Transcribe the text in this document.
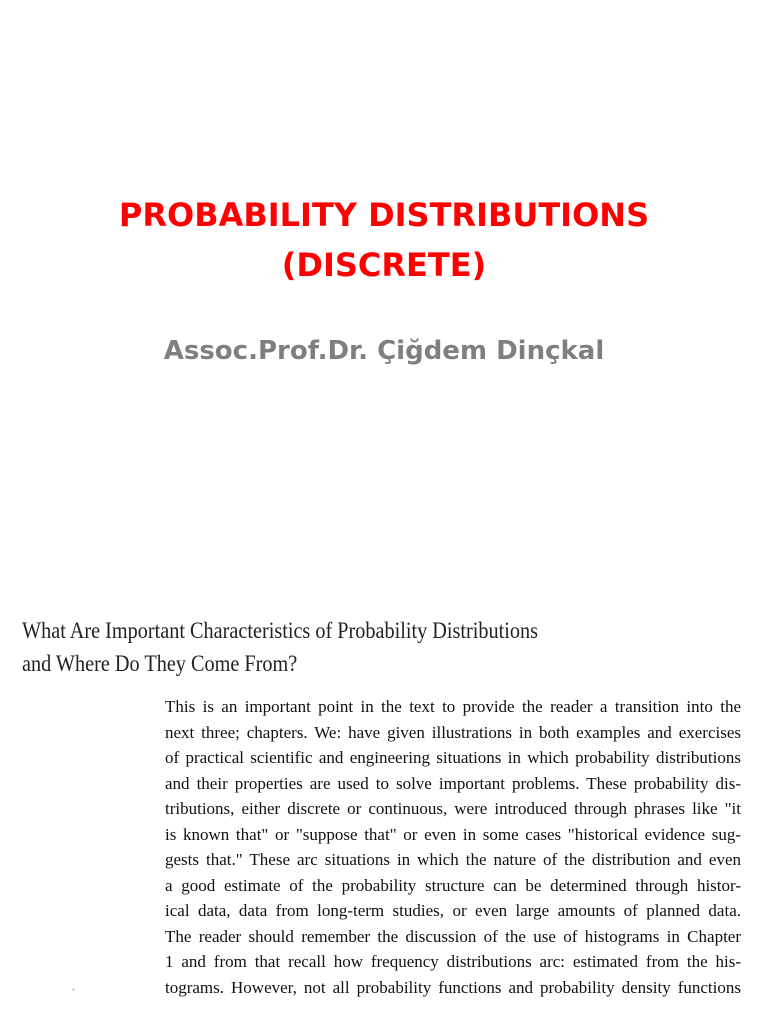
PROBABILITY DISTRIBUTIONS
(DISCRETE)
Assoc.Prof.Dr. Çiğdem Dinçkal
What Are Important Characteristics of Probability Distributions
and Where Do They Come From?
This is an important point in the text to provide the reader a transition into the
next three; chapters. We: have given illustrations in both examples and exercises
of practical scientific and engineering situations in which probability distributions
and their properties are used to solve important problems. These probability dis-
tributions, either discrete or continuous, were introduced through phrases like "it
is known that" or "suppose that" or even in some cases "historical evidence sug-
gests that." These arc situations in which the nature of the distribution and even
a good estimate of the probability structure can be determined through histor-
ical data, data from long-term studies, or even large amounts of planned data.
The reader should remember the discussion of the use of histograms in Chapter
1 and from that recall how frequency distributions arc: estimated from the his-
tograms. However, not all probability functions and probability density functions
